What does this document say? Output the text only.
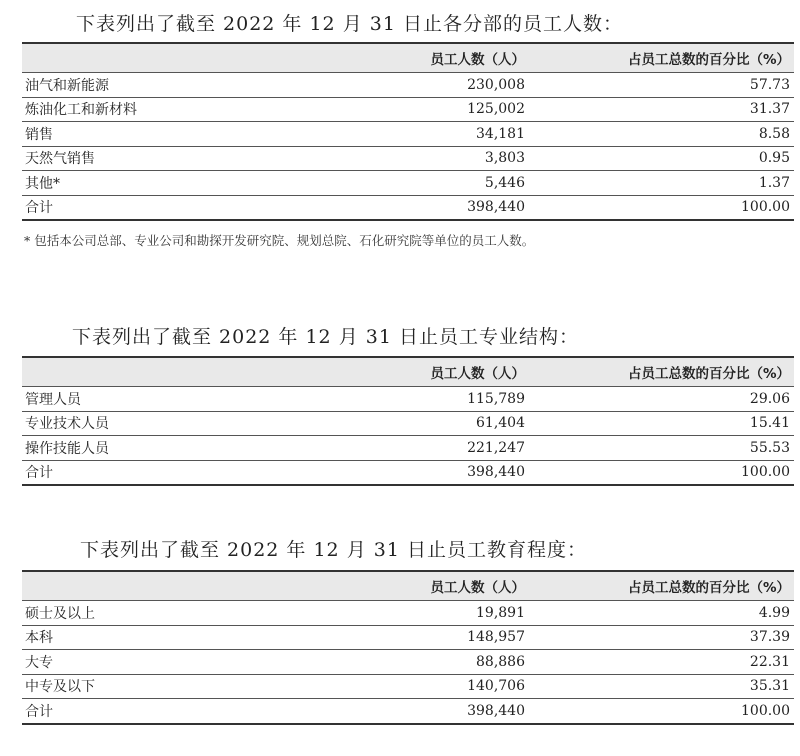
下表列出了截至 2022 年 12 月 31 日止各分部的员工人数：
	员工人数（人）	占员工总数的百分比（%）
油气和新能源	230,008	57.73
炼油化工和新材料	125,002	31.37
销售	34,181	8.58
天然气销售	3,803	0.95
其他*	5,446	1.37
合计	398,440	100.00
* 包括本公司总部、专业公司和勘探开发研究院、规划总院、石化研究院等单位的员工人数。
下表列出了截至 2022 年 12 月 31 日止员工专业结构：
	员工人数（人）	占员工总数的百分比（%）
管理人员	115,789	29.06
专业技术人员	61,404	15.41
操作技能人员	221,247	55.53
合计	398,440	100.00
下表列出了截至 2022 年 12 月 31 日止员工教育程度：
	员工人数（人）	占员工总数的百分比（%）
硕士及以上	19,891	4.99
本科	148,957	37.39
大专	88,886	22.31
中专及以下	140,706	35.31
合计	398,440	100.00
